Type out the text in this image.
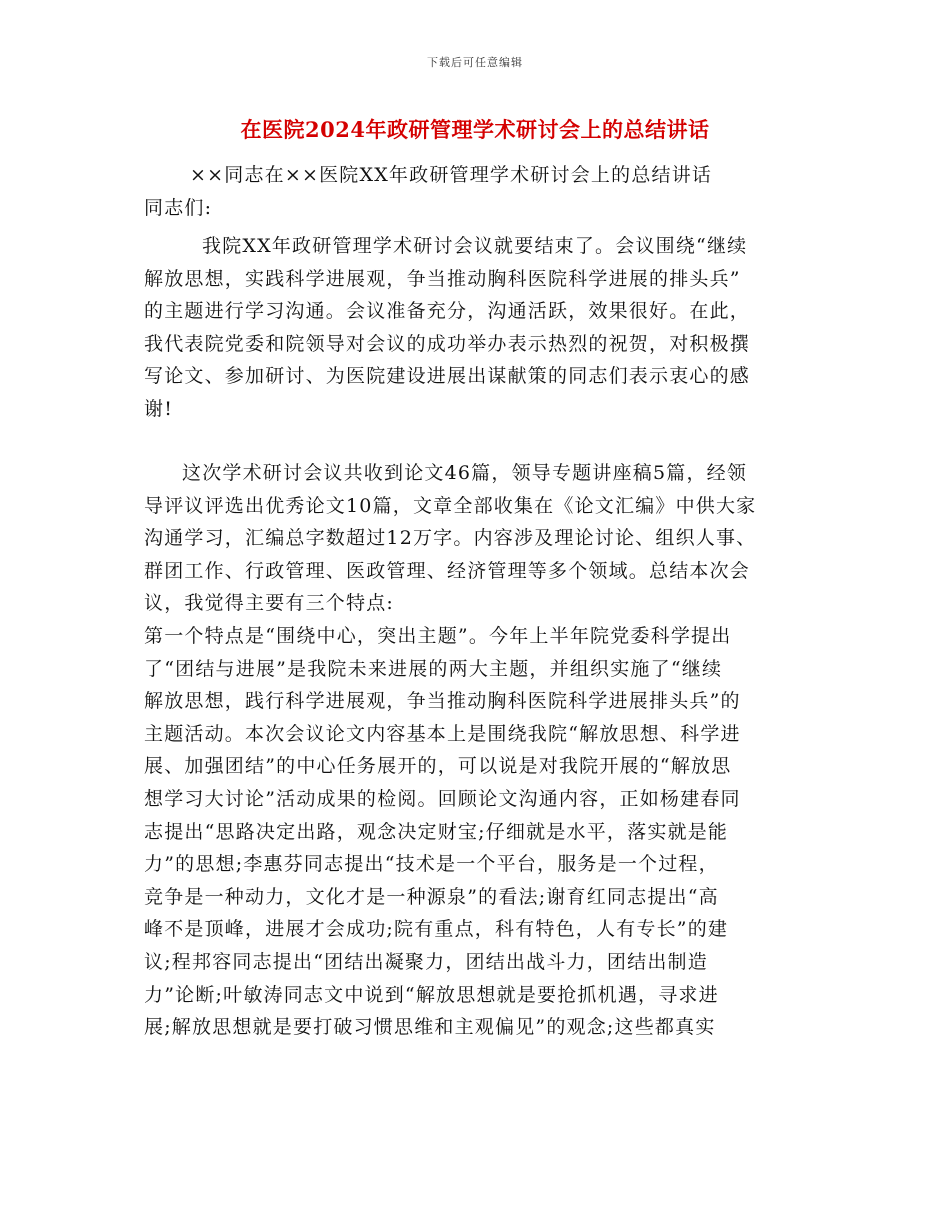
下载后可任意编辑
在医院2024年政研管理学术研讨会上的总结讲话
××同志在××医院XX年政研管理学术研讨会上的总结讲话
同志们:
我院XX年政研管理学术研讨会议就要结束了。会议围绕“继续
解放思想，实践科学进展观，争当推动胸科医院科学进展的排头兵”
的主题进行学习沟通。会议准备充分，沟通活跃，效果很好。在此，
我代表院党委和院领导对会议的成功举办表示热烈的祝贺，对积极撰
写论文、参加研讨、为医院建设进展出谋献策的同志们表示衷心的感
谢!
这次学术研讨会议共收到论文46篇，领导专题讲座稿5篇，经领
导评议评选出优秀论文10篇，文章全部收集在《论文汇编》中供大家
沟通学习，汇编总字数超过12万字。内容涉及理论讨论、组织人事、
群团工作、行政管理、医政管理、经济管理等多个领域。总结本次会
议，我觉得主要有三个特点:
第一个特点是“围绕中心，突出主题”。今年上半年院党委科学提出
了“团结与进展”是我院未来进展的两大主题，并组织实施了“继续
解放思想，践行科学进展观，争当推动胸科医院科学进展排头兵”的
主题活动。本次会议论文内容基本上是围绕我院“解放思想、科学进
展、加强团结”的中心任务展开的，可以说是对我院开展的“解放思
想学习大讨论”活动成果的检阅。回顾论文沟通内容，正如杨建春同
志提出“思路决定出路，观念决定财宝;仔细就是水平，落实就是能
力”的思想;李惠芬同志提出“技术是一个平台，服务是一个过程，
竞争是一种动力，文化才是一种源泉”的看法;谢育红同志提出“高
峰不是顶峰，进展才会成功;院有重点，科有特色，人有专长”的建
议;程邦容同志提出“团结出凝聚力，团结出战斗力，团结出制造
力”论断;叶敏涛同志文中说到“解放思想就是要抢抓机遇，寻求进
展;解放思想就是要打破习惯思维和主观偏见”的观念;这些都真实
